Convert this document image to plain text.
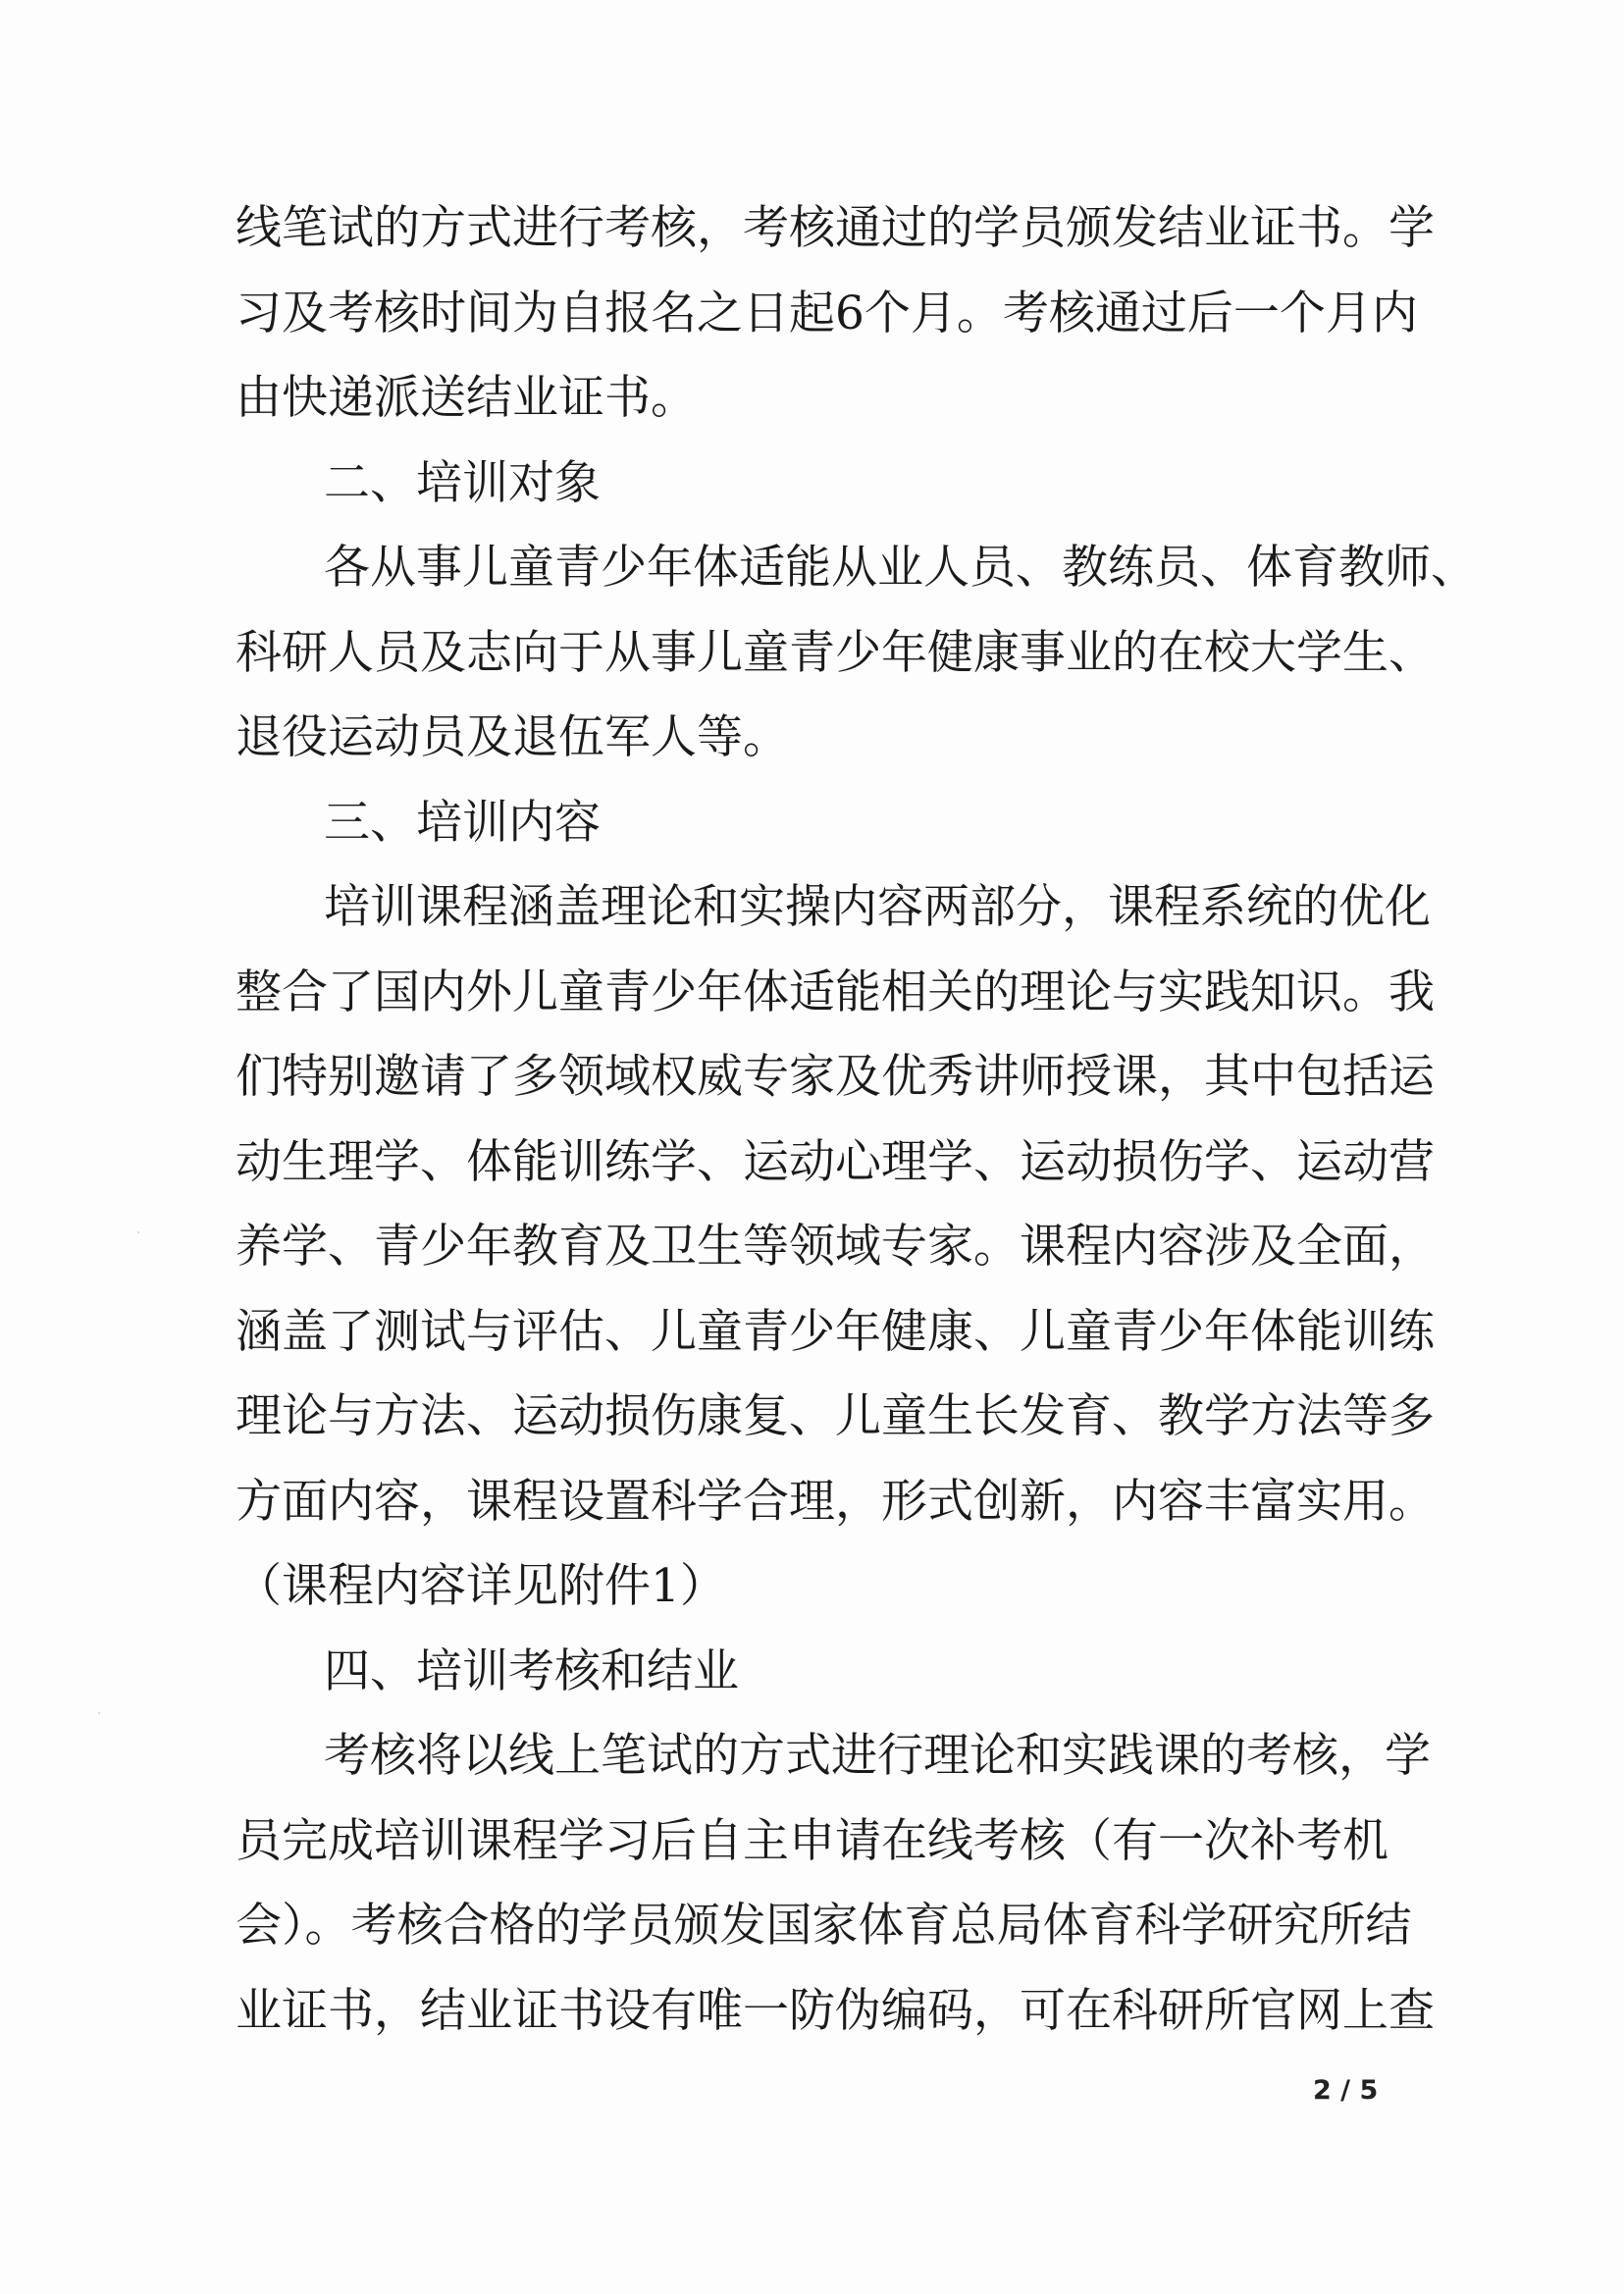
线笔试的方式进行考核，考核通过的学员颁发结业证书。学
习及考核时间为自报名之日起6个月。考核通过后一个月内
由快递派送结业证书。
二、培训对象
各从事儿童青少年体适能从业人员、教练员、体育教师、
科研人员及志向于从事儿童青少年健康事业的在校大学生、
退役运动员及退伍军人等。
三、培训内容
培训课程涵盖理论和实操内容两部分，课程系统的优化
整合了国内外儿童青少年体适能相关的理论与实践知识。我
们特别邀请了多领域权威专家及优秀讲师授课，其中包括运
动生理学、体能训练学、运动心理学、运动损伤学、运动营
养学、青少年教育及卫生等领域专家。课程内容涉及全面，
涵盖了测试与评估、儿童青少年健康、儿童青少年体能训练
理论与方法、运动损伤康复、儿童生长发育、教学方法等多
方面内容，课程设置科学合理，形式创新，内容丰富实用。
（课程内容详见附件1）
四、培训考核和结业
考核将以线上笔试的方式进行理论和实践课的考核，学
员完成培训课程学习后自主申请在线考核（有一次补考机
会）。考核合格的学员颁发国家体育总局体育科学研究所结
业证书，结业证书设有唯一防伪编码，可在科研所官网上查
2 / 5
